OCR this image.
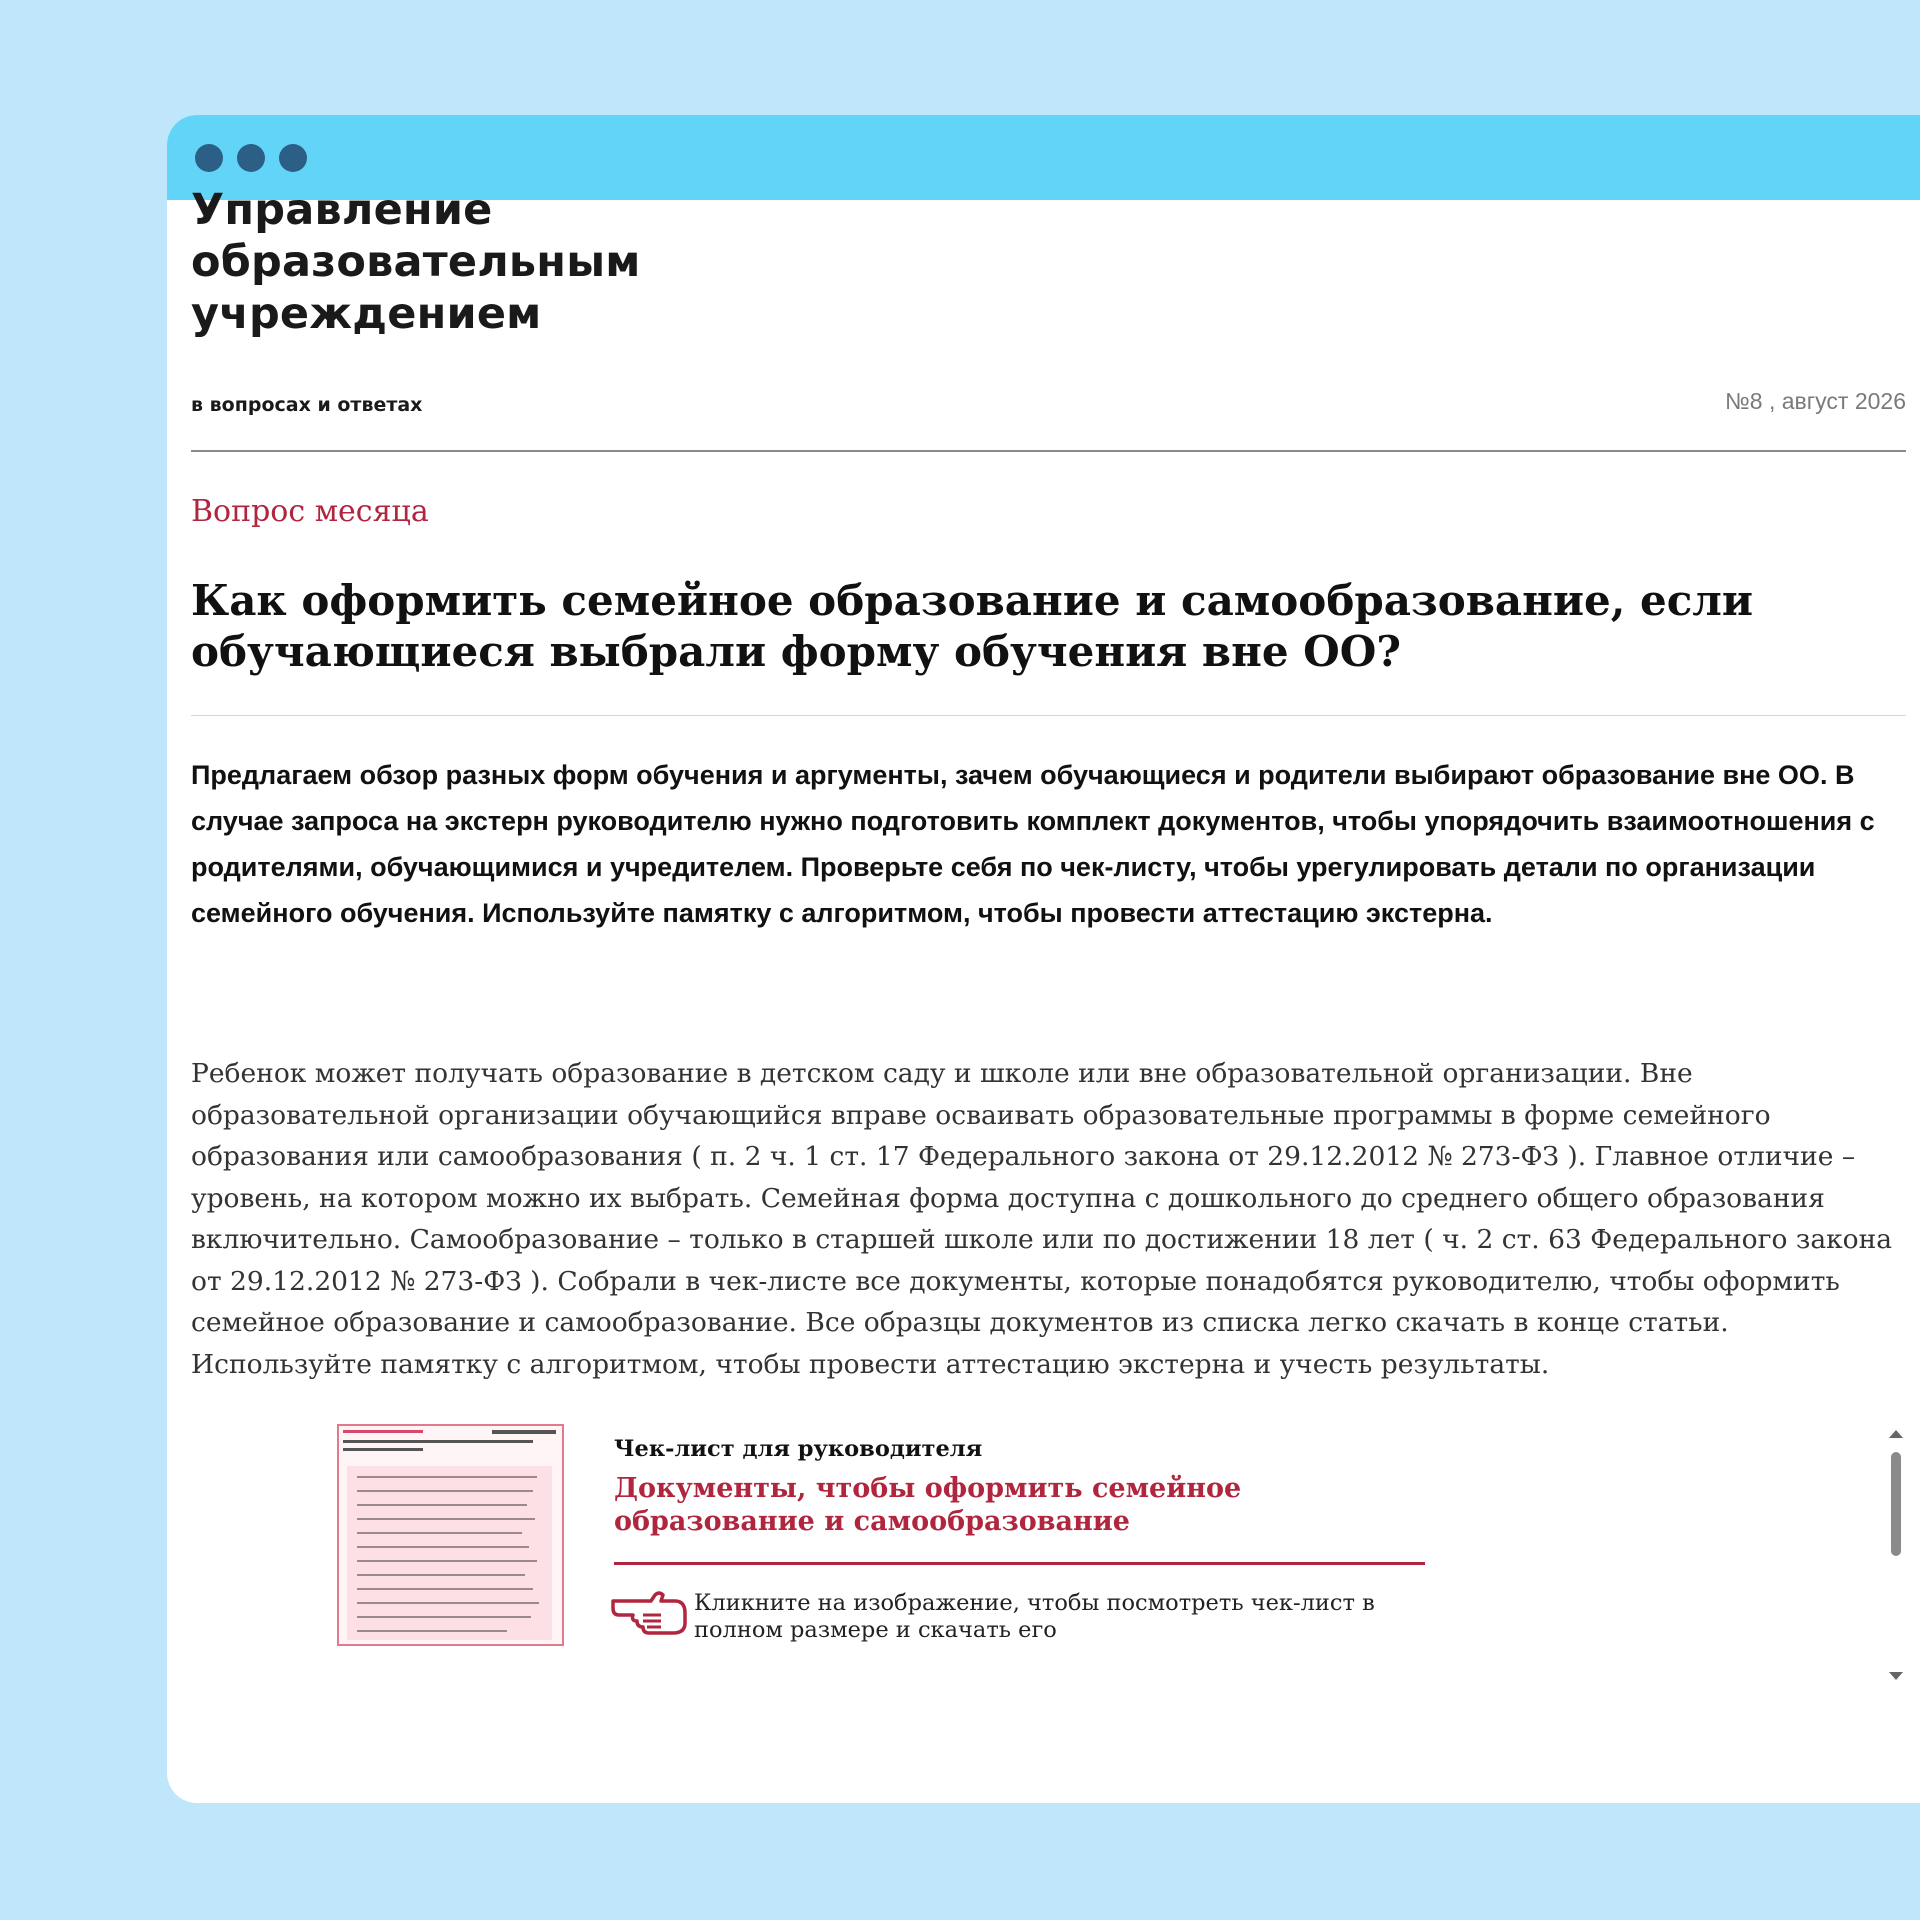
Управление
образовательным
учреждением
в вопросах и ответах	№8 , август 2026
Вопрос месяца
Как оформить семейное образование и самообразование, если обучающиеся выбрали форму обучения вне ОО?

Предлагаем обзор разных форм обучения и аргументы, зачем обучающиеся и родители выбирают образование вне ОО. В случае запроса на экстерн руководителю нужно подготовить комплект документов, чтобы упорядочить взаимоотношения с родителями, обучающимися и учредителем. Проверьте себя по чек-листу, чтобы урегулировать детали по организации семейного обучения. Используйте памятку с алгоритмом, чтобы провести аттестацию экстерна.

Ребенок может получать образование в детском саду и школе или вне образовательной организации. Вне образовательной организации обучающийся вправе осваивать образовательные программы в форме семейного образования или самообразования ( п. 2 ч. 1 ст. 17 Федерального закона от 29.12.2012 № 273-ФЗ ). Главное отличие – уровень, на котором можно их выбрать. Семейная форма доступна с дошкольного до среднего общего образования включительно. Самообразование – только в старшей школе или по достижении 18 лет ( ч. 2 ст. 63 Федерального закона от 29.12.2012 № 273-ФЗ ). Собрали в чек-листе все документы, которые понадобятся руководителю, чтобы оформить семейное образование и самообразование. Все образцы документов из списка легко скачать в конце статьи. Используйте памятку с алгоритмом, чтобы провести аттестацию экстерна и учесть результаты.

Чек-лист для руководителя

Документы, чтобы оформить семейное образование и самообразование

Кликните на изображение, чтобы посмотреть чек-лист в полном размере и скачать его
